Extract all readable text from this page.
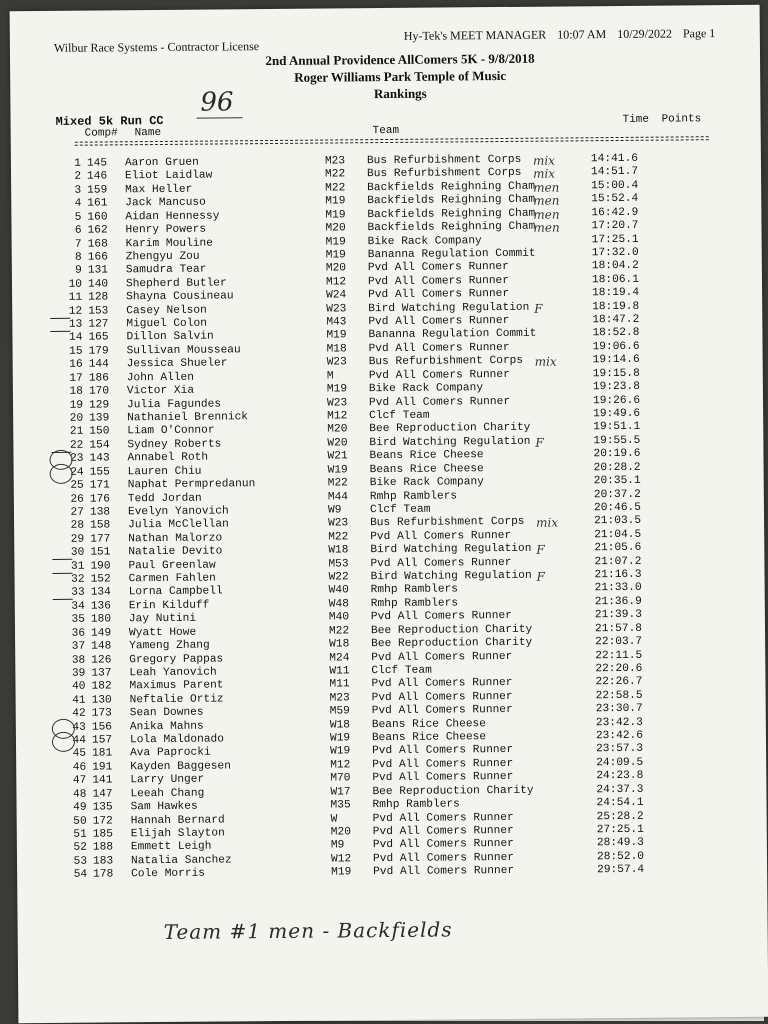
Wilbur Race Systems - Contractor License
Hy-Tek's MEET MANAGER 10:07 AM 10/29/2022 Page 1
2nd Annual Providence AllComers 5K - 9/8/2018
Roger Williams Park Temple of Music
Rankings
96
Mixed 5k Run CC
Comp# Name	Team
Time Points
1 145 Aaron Gruen	M23 Bus Refurbishment Corps	14:41.6
mix
2 146 Eliot Laidlaw	M22 Bus Refurbishment Corps	14:51.7
mix
3 159 Max Heller	M22 Backfields Reighning Cham	15:00.4
men
4 161 Jack Mancuso	M19 Backfields Reighning Cham	15:52.4
men
5 160 Aidan Hennessy	M19 Backfields Reighning Cham	16:42.9
men
6 162 Henry Powers	M20 Backfields Reighning Cham	17:20.7
men
7 168 Karim Mouline	M19 Bike Rack Company	17:25.1
8 166 Zhengyu Zou	M19 Bananna Regulation Commit	17:32.0
9 131 Samudra Tear	M20 Pvd All Comers Runner	18:04.2
10 140 Shepherd Butler	M12 Pvd All Comers Runner	18:06.1
11 128 Shayna Cousineau	W24 Pvd All Comers Runner	18:19.4
12 153 Casey Nelson	W23 Bird Watching Regulation	18:19.8
F
13 127 Miguel Colon	M43 Pvd All Comers Runner	18:47.2
14 165 Dillon Salvin	M19 Bananna Regulation Commit	18:52.8
15 179 Sullivan Mousseau	M18 Pvd All Comers Runner	19:06.6
16 144 Jessica Shueler	W23 Bus Refurbishment Corps	19:14.6
mix
17 186 John Allen	M	Pvd All Comers Runner	19:15.8
18 170 Victor Xia	M19 Bike Rack Company	19:23.8
19 129 Julia Fagundes	W23 Pvd All Comers Runner	19:26.6
20 139 Nathaniel Brennick	M12 Clcf Team	19:49.6
21 150 Liam O'Connor	M20 Bee Reproduction Charity	19:51.1
22 154 Sydney Roberts	W20 Bird Watching Regulation	19:55.5
F
23 143 Annabel Roth	W21 Beans Rice Cheese	20:19.6
24 155 Lauren Chiu	W19 Beans Rice Cheese	20:28.2
25 171 Naphat Permpredanun	M22 Bike Rack Company	20:35.1
26 176 Tedd Jordan	M44 Rmhp Ramblers	20:37.2
27 138 Evelyn Yanovich	W9	Clcf Team	20:46.5
28 158 Julia McClellan	W23 Bus Refurbishment Corps	21:03.5
mix
29 177 Nathan Malorzo	M22 Pvd All Comers Runner	21:04.5
30 151 Natalie Devito	W18 Bird Watching Regulation	21:05.6
F
31 190 Paul Greenlaw	M53 Pvd All Comers Runner	21:07.2
32 152 Carmen Fahlen	W22 Bird Watching Regulation	21:16.3
F
33 134 Lorna Campbell	W40 Rmhp Ramblers	21:33.0
34 136 Erin Kilduff	W48 Rmhp Ramblers	21:36.9
35 180 Jay Nutini	M40 Pvd All Comers Runner	21:39.3
36 149 Wyatt Howe	M22 Bee Reproduction Charity	21:57.8
37 148 Yameng Zhang	W18 Bee Reproduction Charity	22:03.7
38 126 Gregory Pappas	M24 Pvd All Comers Runner	22:11.5
39 137 Leah Yanovich	W11 Clcf Team	22:20.6
40 182 Maximus Parent	M11 Pvd All Comers Runner	22:26.7
41 130 Neftalie Ortiz	M23 Pvd All Comers Runner	22:58.5
42 173 Sean Downes	M59 Pvd All Comers Runner	23:30.7
43 156 Anika Mahns	W18 Beans Rice Cheese	23:42.3
44 157 Lola Maldonado	W19 Beans Rice Cheese	23:42.6
45 181 Ava Paprocki	W19 Pvd All Comers Runner	23:57.3
46 191 Kayden Baggesen	M12 Pvd All Comers Runner	24:09.5
47 141 Larry Unger	M70 Pvd All Comers Runner	24:23.8
48 147 Leeah Chang	W17 Bee Reproduction Charity	24:37.3
49 135 Sam Hawkes	M35 Rmhp Ramblers	24:54.1
50 172 Hannah Bernard	W	Pvd All Comers Runner	25:28.2
51 185 Elijah Slayton	M20 Pvd All Comers Runner	27:25.1
52 188 Emmett Leigh	M9	Pvd All Comers Runner	28:49.3
53 183 Natalia Sanchez	W12 Pvd All Comers Runner	28:52.0
54 178 Cole Morris	M19 Pvd All Comers Runner	29:57.4
Team #1 men - Backfields
